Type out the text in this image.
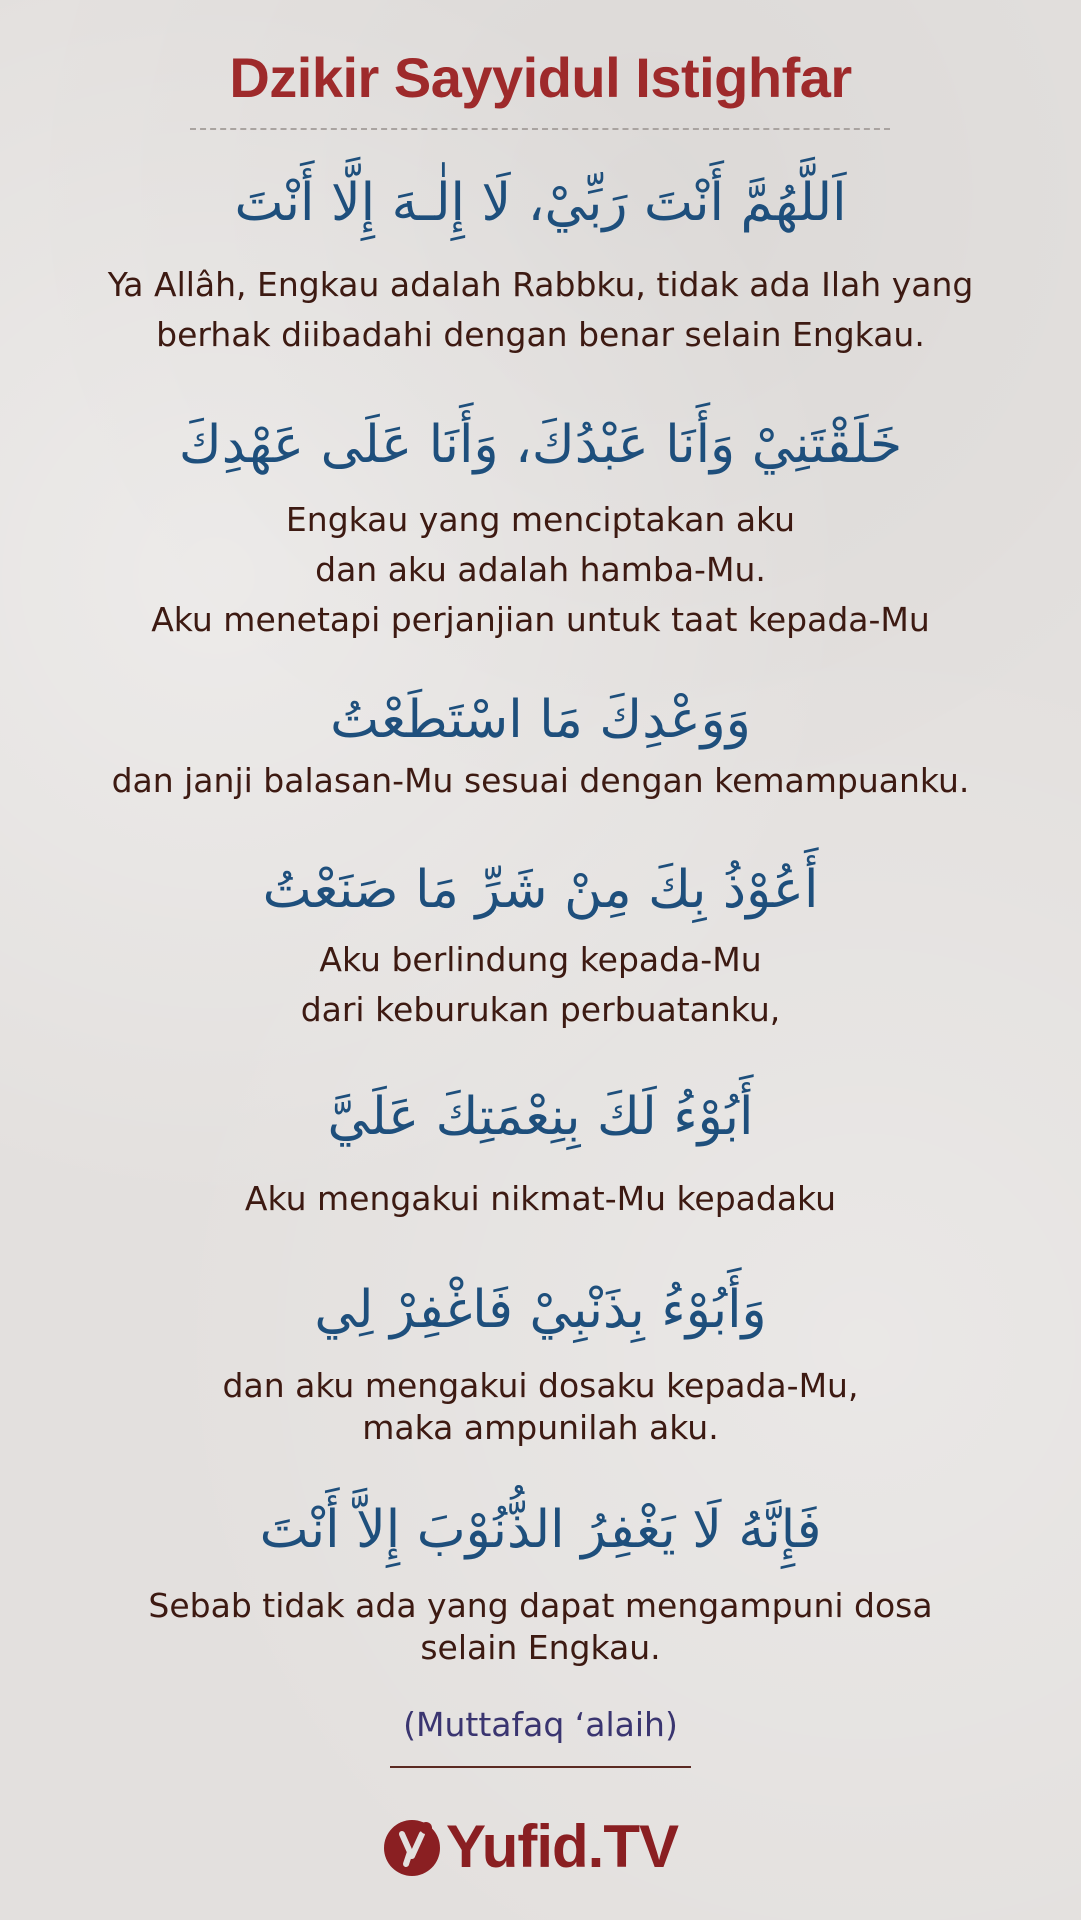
Dzikir Sayyidul Istighfar
اَللَّهُمَّ أَنْتَ رَبِّيْ، لَا إِلٰـهَ إِلَّا أَنْتَ
Ya Allâh, Engkau adalah Rabbku, tidak ada Ilah yang
berhak diibadahi dengan benar selain Engkau.
خَلَقْتَنِيْ وَأَنَا عَبْدُكَ، وَأَنَا عَلَى عَهْدِكَ
Engkau yang menciptakan aku
dan aku adalah hamba-Mu.
Aku menetapi perjanjian untuk taat kepada-Mu
وَوَعْدِكَ مَا اسْتَطَعْتُ
dan janji balasan-Mu sesuai dengan kemampuanku.
أَعُوْذُ بِكَ مِنْ شَرِّ مَا صَنَعْتُ
Aku berlindung kepada-Mu
dari keburukan perbuatanku,
أَبُوْءُ لَكَ بِنِعْمَتِكَ عَلَيَّ
Aku mengakui nikmat-Mu kepadaku
وَأَبُوْءُ بِذَنْبِيْ فَاغْفِرْ لِي
dan aku mengakui dosaku kepada-Mu,
maka ampunilah aku.
فَإِنَّهُ لَا يَغْفِرُ الذُّنُوْبَ إِلاَّ أَنْتَ
Sebab tidak ada yang dapat mengampuni dosa
selain Engkau.
(Muttafaq ‘alaih)
Yufid.TV
